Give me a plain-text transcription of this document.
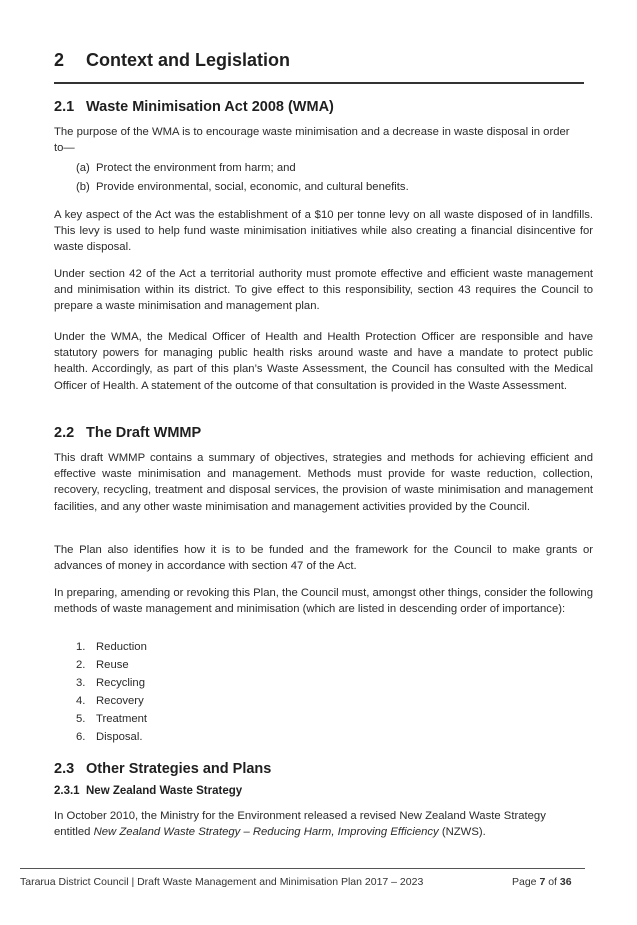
2 Context and Legislation
2.1 Waste Minimisation Act 2008 (WMA)
The purpose of the WMA is to encourage waste minimisation and a decrease in waste disposal in order
to—
(a) Protect the environment from harm; and
(b) Provide environmental, social, economic, and cultural benefits.
A key aspect of the Act was the establishment of a $10 per tonne levy on all waste disposed of in landfills. This levy is used to help fund waste minimisation initiatives while also creating a financial disincentive for waste disposal.
Under section 42 of the Act a territorial authority must promote effective and efficient waste management and minimisation within its district. To give effect to this responsibility, section 43 requires the Council to prepare a waste minimisation and management plan.
Under the WMA, the Medical Officer of Health and Health Protection Officer are responsible and have statutory powers for managing public health risks around waste and have a mandate to protect public health. Accordingly, as part of this plan’s Waste Assessment, the Council has consulted with the Medical Officer of Health. A statement of the outcome of that consultation is provided in the Waste Assessment.
2.2 The Draft WMMP
This draft WMMP contains a summary of objectives, strategies and methods for achieving efficient and effective waste minimisation and management. Methods must provide for waste reduction, collection, recovery, recycling, treatment and disposal services, the provision of waste minimisation and management facilities, and any other waste minimisation and management activities provided by the Council.
The Plan also identifies how it is to be funded and the framework for the Council to make grants or advances of money in accordance with section 47 of the Act.
In preparing, amending or revoking this Plan, the Council must, amongst other things, consider the following methods of waste management and minimisation (which are listed in descending order of importance):
1. Reduction
2. Reuse
3. Recycling
4. Recovery
5. Treatment
6. Disposal.
2.3 Other Strategies and Plans
2.3.1 New Zealand Waste Strategy
In October 2010, the Ministry for the Environment released a revised New Zealand Waste Strategy
entitled New Zealand Waste Strategy – Reducing Harm, Improving Efficiency (NZWS).
Tararua District Council | Draft Waste Management and Minimisation Plan 2017 – 2023	Page 7 of 36
